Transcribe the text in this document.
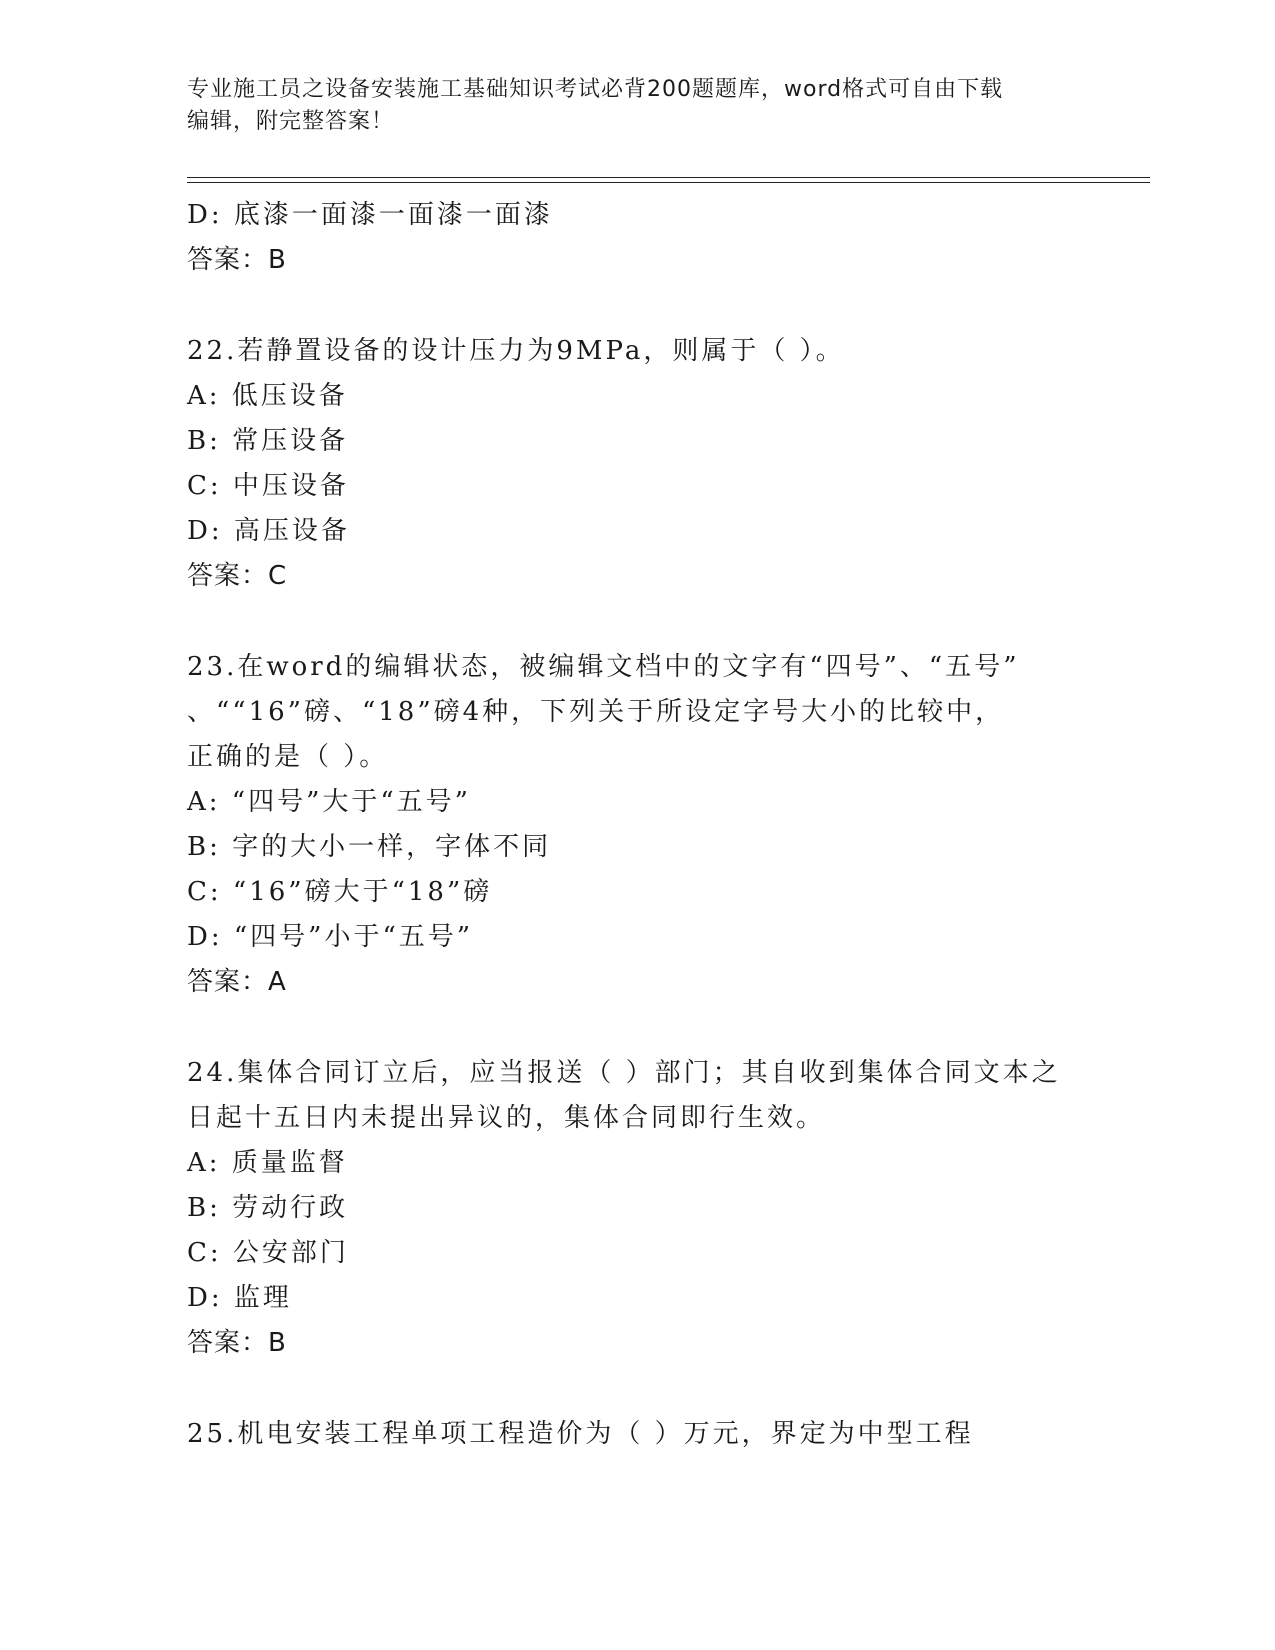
专业施工员之设备安装施工基础知识考试必背200题题库，word格式可自由下载
编辑，附完整答案！
D: 底漆一面漆一面漆一面漆
答案：B
22.若静置设备的设计压力为9MPa，则属于（ ）。
A: 低压设备
B: 常压设备
C: 中压设备
D: 高压设备
答案：C
23.在word的编辑状态，被编辑文档中的文字有“四号”、“五号”
、““16”磅、“18”磅4种，下列关于所设定字号大小的比较中，
正确的是（ ）。
A: “四号”大于“五号”
B: 字的大小一样，字体不同
C: “16”磅大于“18”磅
D: “四号”小于“五号”
答案：A
24.集体合同订立后，应当报送（ ）部门；其自收到集体合同文本之
日起十五日内未提出异议的，集体合同即行生效。
A: 质量监督
B: 劳动行政
C: 公安部门
D: 监理
答案：B
25.机电安装工程单项工程造价为（ ）万元，界定为中型工程
